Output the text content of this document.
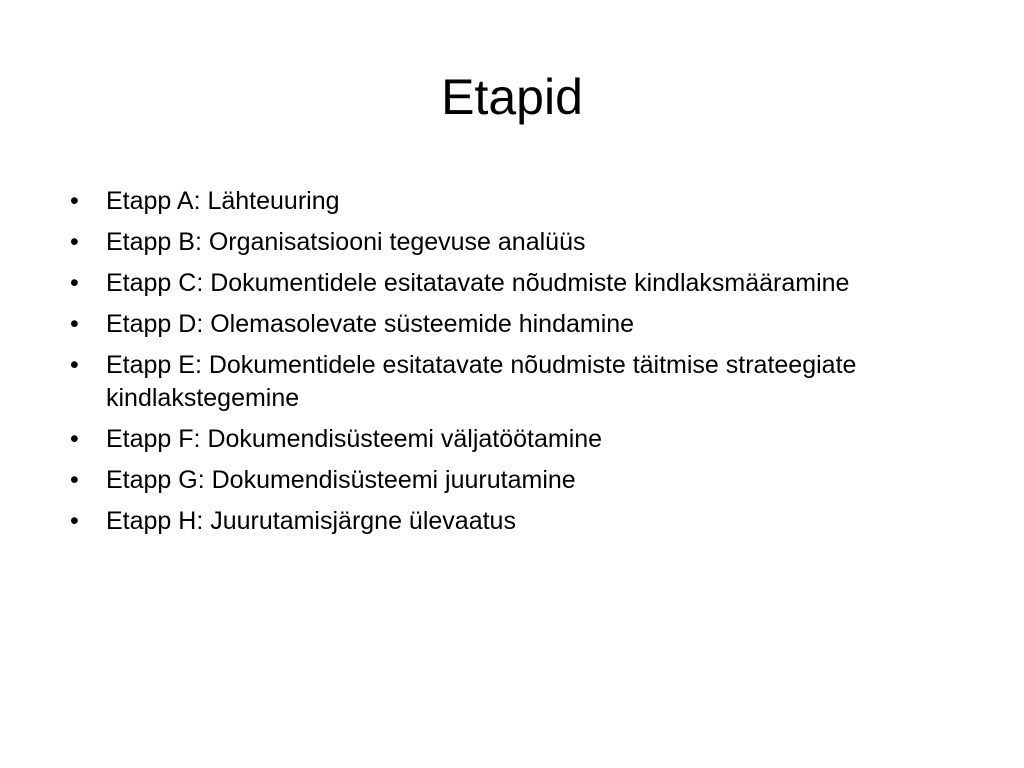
Etapid
•	Etapp A: Lähteuuring
•	Etapp B: Organisatsiooni tegevuse analüüs
•	Etapp C: Dokumentidele esitatavate nõudmiste kindlaksmääramine
•	Etapp D: Olemasolevate süsteemide hindamine
•	Etapp E: Dokumentidele esitatavate nõudmiste täitmise strateegiate kindlakstegemine
•	Etapp F: Dokumendisüsteemi väljatöötamine
•	Etapp G: Dokumendisüsteemi juurutamine
•	Etapp H: Juurutamisjärgne ülevaatus
